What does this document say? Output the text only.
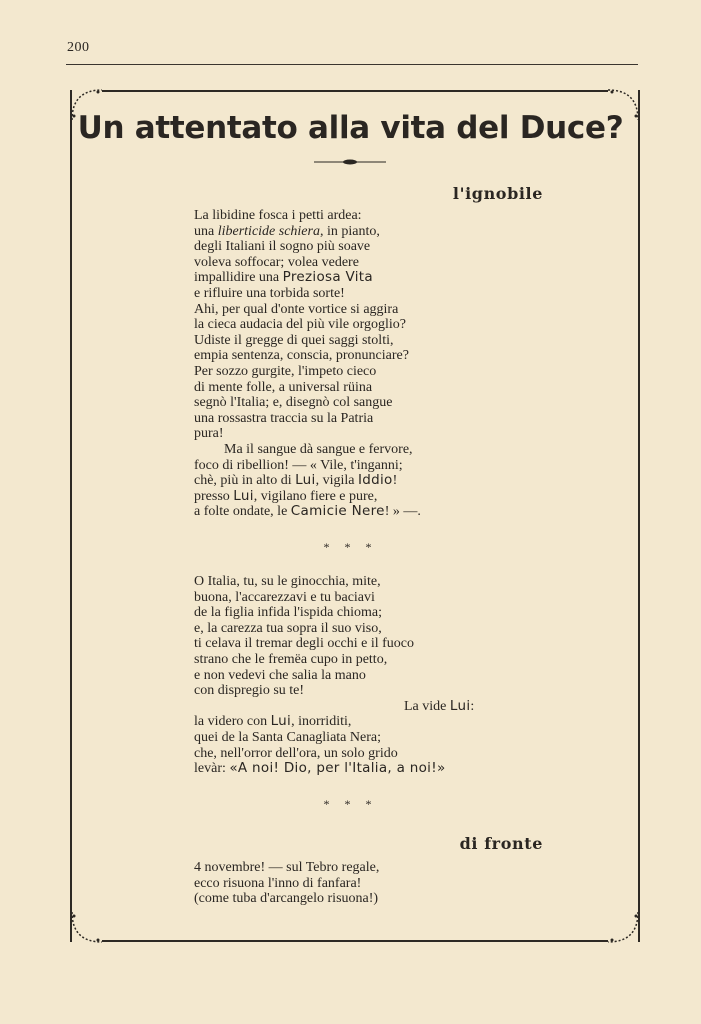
200
Un attentato alla vita del Duce?
l'ignobile
La libidine fosca i petti ardea:
una liberticide schiera, in pianto,
degli Italiani il sogno più soave
voleva soffocar; volea vedere
impallidire una Preziosa Vita
e rifluire una torbida sorte!
Ahi, per qual d'onte vortice si aggira
la cieca audacia del più vile orgoglio?
Udiste il gregge di quei saggi stolti,
empia sentenza, conscia, pronunciare?
Per sozzo gurgite, l'impeto cieco
di mente folle, a universal rüina
segnò l'Italia; e, disegnò col sangue
una rossastra traccia su la Patria
pura!
Ma il sangue dà sangue e fervore,
foco di ribellion! — « Vile, t'inganni;
chè, più in alto di Lui, vigila Iddio!
presso Lui, vigilano fiere e pure,
a folte ondate, le Camicie Nere! » —.
* * *
O Italia, tu, su le ginocchia, mite,
buona, l'accarezzavi e tu baciavi
de la figlia infida l'ispida chioma;
e, la carezza tua sopra il suo viso,
ti celava il tremar degli occhi e il fuoco
strano che le fremëa cupo in petto,
e non vedevi che salia la mano
con dispregio su te!
La vide Lui:
la videro con Lui, inorriditi,
quei de la Santa Canagliata Nera;
che, nell'orror dell'ora, un solo grido
levàr: «A noi! Dio, per l'Italia, a noi!»
* * *
di fronte
4 novembre! — sul Tebro regale,
ecco risuona l'inno di fanfara!
(come tuba d'arcangelo risuona!)
